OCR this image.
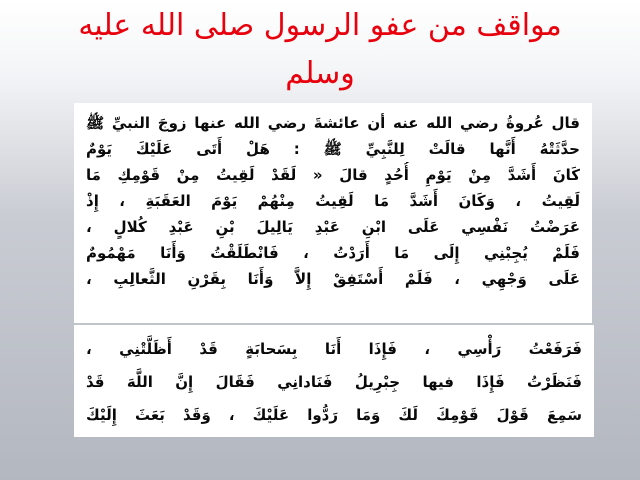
مواقف من عفو الرسول صلى الله عليه
وسلم
قال عُروةُ رضي الله عنه أن عائشةَ رضي الله عنها زوجَ النبيِّ ﷺ
حدَّثَتْهُ أَنَّها قالَتْ لِلنَّبِيِّ ﷺ : هَلْ أَتَى عَلَيْكَ يَوْمٌ
كَانَ أَشَدَّ مِنْ يَوْمِ أُحُدٍ قالَ « لَقَدْ لَقِيتُ مِنْ قَوْمِكِ مَا
لَقِيتُ ، وَكَانَ أَشَدَّ مَا لَقِيتُ مِنْهُمْ يَوْمَ العَقَبَةِ ، إِذْ
عَرَضْتُ نَفْسِي عَلَى ابْنِ عَبْدِ يَالِيلَ بْنِ عَبْدِ كُلالٍ ،
فَلَمْ يُجِبْنِي إِلَى مَا أَرَدْتُ ، فَانْطَلَقْتُ وَأَنَا مَهْمُومٌ
عَلَى وَجْهِي ، فَلَمْ أَسْتَفِقْ إِلاَّ وَأَنَا بِقَرْنِ الثَّعالِبِ ،
فَرَفَعْتُ رَأْسِي ، فَإِذَا أَنَا بِسَحابَةٍ قَدْ أَظَلَّتْنِي ،
فَنَظَرْتُ فَإِذَا فيها جِبْرِيلُ فَنَادانِي فَقَالَ إِنَّ اللَّهَ قَدْ
سَمِعَ قَوْلَ قَوْمِكَ لَكَ وَمَا رَدُّوا عَلَيْكَ ، وَقَدْ بَعَثَ إِلَيْكَ
